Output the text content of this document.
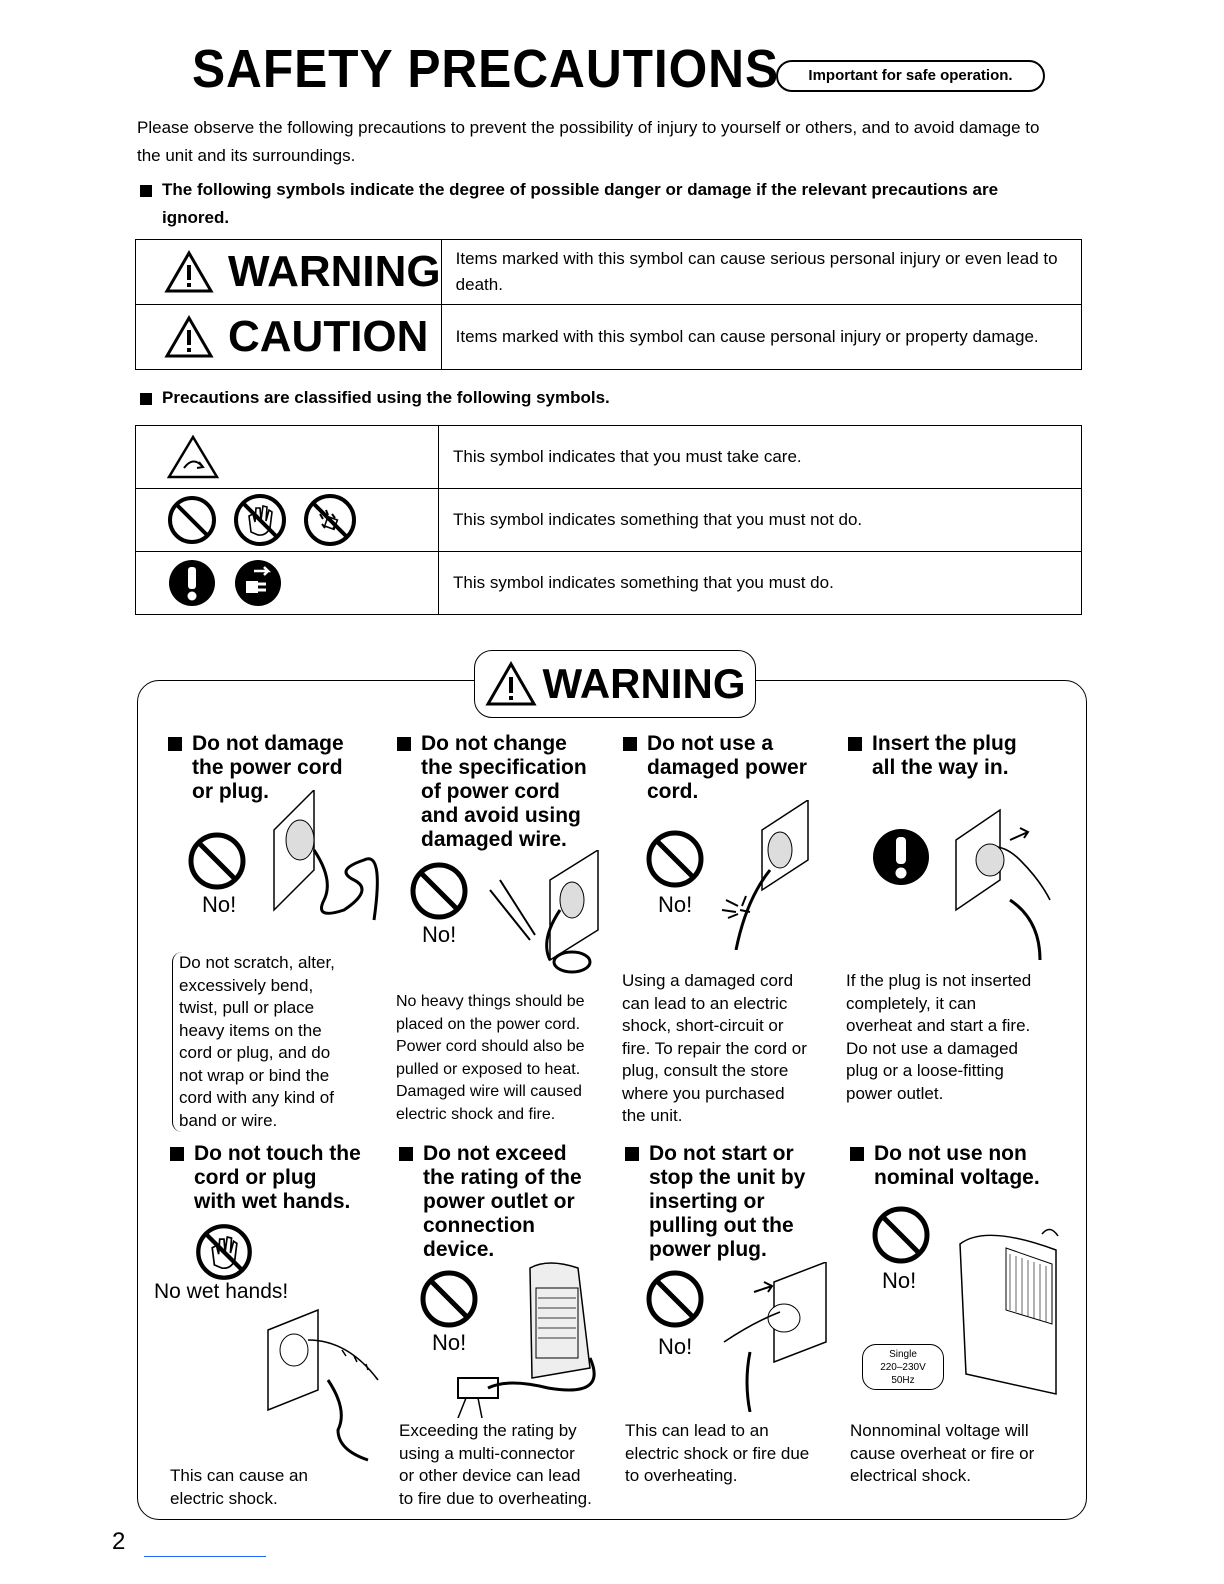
SAFETY PRECAUTIONS	Important for safe operation.
Please observe the following precautions to prevent the possibility of injury to yourself or others, and to avoid damage to the unit and its surroundings.
The following symbols indicate the degree of possible danger or damage if the relevant precautions are ignored.
WARNING	Items marked with this symbol can cause serious personal injury or even lead to death.

CAUTION	Items marked with this symbol can cause personal injury or property damage.
Precautions are classified using the following symbols.
	This symbol indicates that you must take care.

	This symbol indicates something that you must not do.

	This symbol indicates something that you must do.
WARNING
Do not damage
the power cord
or plug.
No!
Do not scratch, alter,
excessively bend,
twist, pull or place
heavy items on the
cord or plug, and do
not wrap or bind the
cord with any kind of
band or wire.
Do not change
the specification
of power cord
and avoid using
damaged wire.
No!
No heavy things should be
placed on the power cord.
Power cord should also be
pulled or exposed to heat.
Damaged wire will caused
electric shock and fire.
Do not use a
damaged power
cord.
No!
Using a damaged cord
can lead to an electric
shock, short-circuit or
fire. To repair the cord or
plug, consult the store
where you purchased
the unit.
Insert the plug
all the way in.
If the plug is not inserted
completely, it can
overheat and start a fire.
Do not use a damaged
plug or a loose-fitting
power outlet.
Do not touch the
cord or plug
with wet hands.
No wet hands!
This can cause an
electric shock.
Do not exceed
the rating of the
power outlet or
connection
device.
No!
Exceeding the rating by
using a multi-connector
or other device can lead
to fire due to overheating.
Do not start or
stop the unit by
inserting or
pulling out the
power plug.
No!
This can lead to an
electric shock or fire due
to overheating.
Do not use non
nominal voltage.
No!
Single
220–230V
50Hz
Nonnominal voltage will
cause overheat or fire or
electrical shock.
2
